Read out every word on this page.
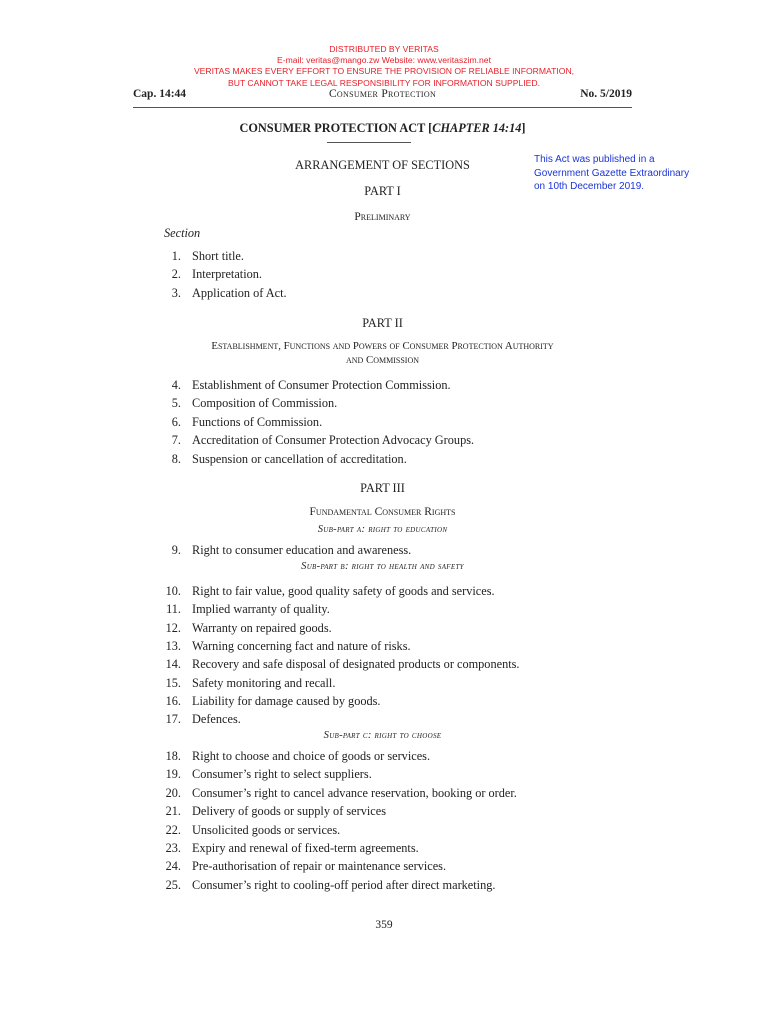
DISTRIBUTED BY VERITAS
E-mail: veritas@mango.zw Website: www.veritaszim.net
VERITAS MAKES EVERY EFFORT TO ENSURE THE PROVISION OF RELIABLE INFORMATION,
BUT CANNOT TAKE LEGAL RESPONSIBILITY FOR INFORMATION SUPPLIED.
Cap. 14:44	Consumer Protection	No. 5/2019
CONSUMER PROTECTION ACT [CHAPTER 14:14]
ARRANGEMENT OF SECTIONS	This Act was published in a
Government Gazette Extraordinary
on 10th December 2019.
PART I
Preliminary
Section
PART II
Establishment, Functions and Powers of Consumer Protection Authority
and Commission
PART III
Fundamental Consumer Rights
Sub-part a: right to education
Sub-part b: right to health and safety
Sub-part c: right to choose
1. Short title.
2. Interpretation.
3. Application of Act.
4. Establishment of Consumer Protection Commission.
5. Composition of Commission.
6. Functions of Commission.
7. Accreditation of Consumer Protection Advocacy Groups.
8. Suspension or cancellation of accreditation.
9. Right to consumer education and awareness.
10. Right to fair value, good quality safety of goods and services.
11. Implied warranty of quality.
12. Warranty on repaired goods.
13. Warning concerning fact and nature of risks.
14. Recovery and safe disposal of designated products or components.
15. Safety monitoring and recall.
16. Liability for damage caused by goods.
17. Defences.
18. Right to choose and choice of goods or services.
19. Consumer’s right to select suppliers.
20. Consumer’s right to cancel advance reservation, booking or order.
21. Delivery of goods or supply of services
22. Unsolicited goods or services.
23. Expiry and renewal of fixed-term agreements.
24. Pre-authorisation of repair or maintenance services.
25. Consumer’s right to cooling-off period after direct marketing.
359
